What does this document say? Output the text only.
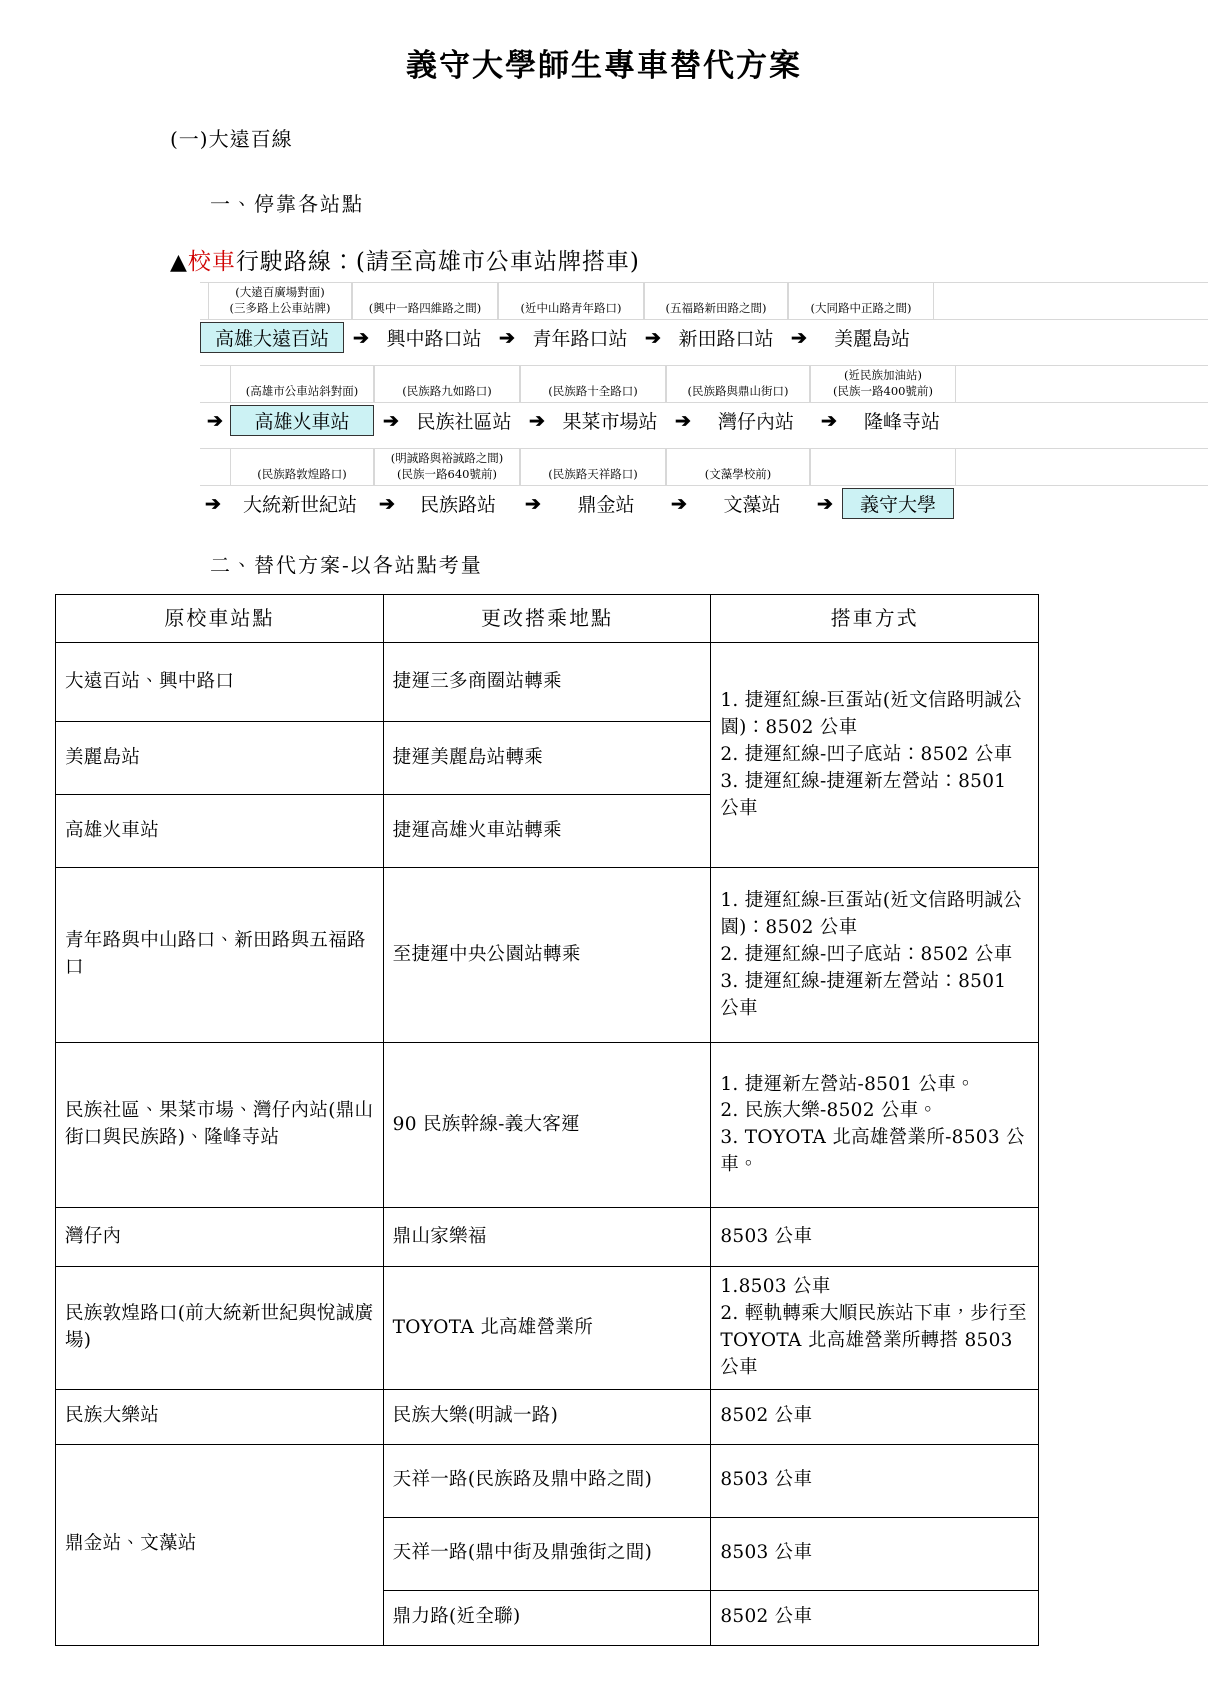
義守大學師生專車替代方案
(一)大遠百線
一、停靠各站點
▲校車行駛路線：(請至高雄市公車站牌搭車)
(大遠百廣場對面)
(三多路上公車站牌)	(興中一路四維路之間)	(近中山路青年路口)	(五福路新田路之間)	(大同路中正路之間)
高雄大遠百站	➔ 興中路口站 ➔ 青年路口站 ➔ 新田路口站 ➔	美麗島站
(高雄市公車站斜對面)	(民族路九如路口)	(民族路十全路口)	(民族路與鼎山街口)
(近民族加油站)
(民族一路400號前)
➔	高雄火車站	➔ 民族社區站 ➔ 果菜市場站 ➔	灣仔內站	➔	隆峰寺站
(民族路敦煌路口)
(明誠路與裕誠路之間)
(民族一路640號前)	(民族路天祥路口)	(文藻學校前)
➔	大統新世紀站	➔	民族路站	➔	鼎金站	➔	文藻站	➔	義守大學
二、替代方案-以各站點考量
原校車站點	更改搭乘地點	搭車方式
大遠百站、興中路口	捷運三多商圈站轉乘	
1. 捷運紅線-巨蛋站(近文信路明誠公園)：8502 公車
2. 捷運紅線-凹子底站：8502 公車
3. 捷運紅線-捷運新左營站：8501 公車

美麗島站	捷運美麗島站轉乘	
高雄火車站	捷運高雄火車站轉乘	
青年路與中山路口、新田路與五福路口	至捷運中央公園站轉乘	
1. 捷運紅線-巨蛋站(近文信路明誠公園)：8502 公車
2. 捷運紅線-凹子底站：8502 公車
3. 捷運紅線-捷運新左營站：8501 公車

民族社區、果菜市場、灣仔內站(鼎山街口與民族路)、隆峰寺站	90 民族幹線-義大客運	
1. 捷運新左營站-8501 公車。
2. 民族大樂-8502 公車。
3. TOYOTA 北高雄營業所-8503 公車。

灣仔內	鼎山家樂福	8503 公車

民族敦煌路口(前大統新世紀與悅誠廣場)	TOYOTA 北高雄營業所	
1.8503 公車
2. 輕軌轉乘大順民族站下車，步行至 TOYOTA 北高雄營業所轉搭 8503 公車

民族大樂站	民族大樂(明誠一路)	8502 公車

鼎金站、文藻站	天祥一路(民族路及鼎中路之間)	8503 公車

天祥一路(鼎中街及鼎強街之間)	8503 公車

鼎力路(近全聯)	8502 公車
